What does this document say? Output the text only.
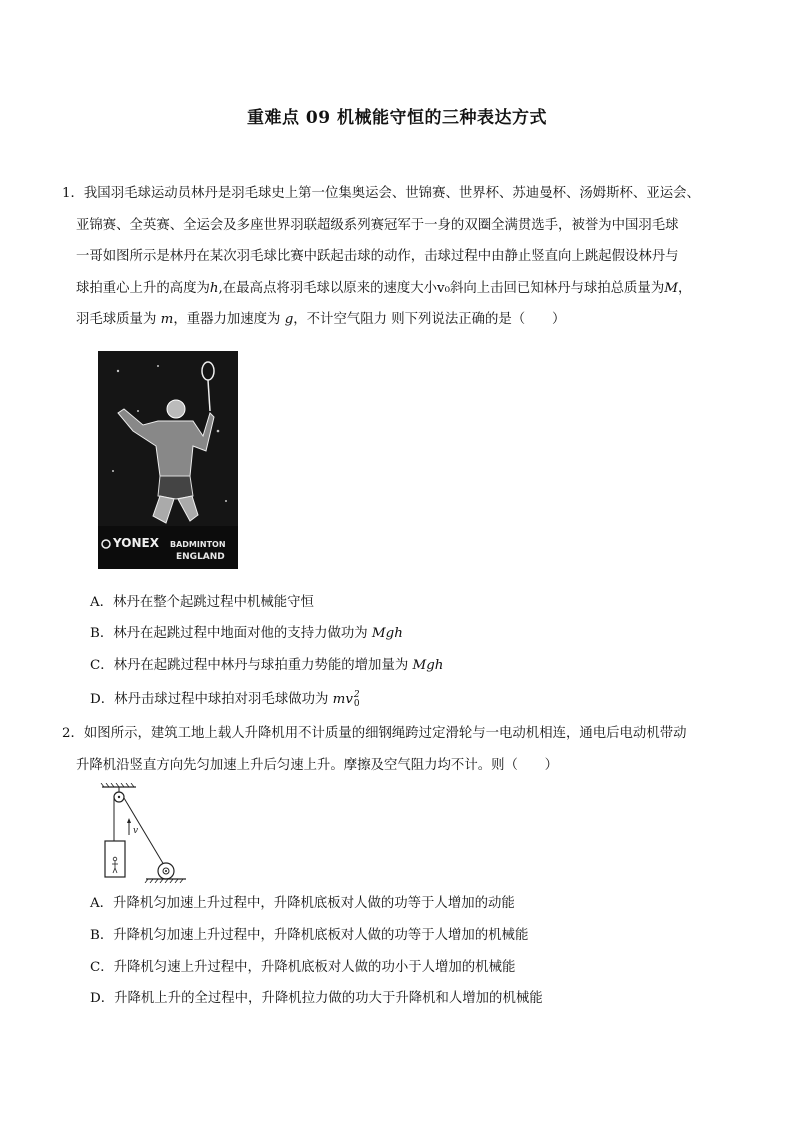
重难点 09 机械能守恒的三种表达方式
1．我国羽毛球运动员林丹是羽毛球史上第一位集奥运会、世锦赛、世界杯、苏迪曼杯、汤姆斯杯、亚运会、
亚锦赛、全英赛、全运会及多座世界羽联超级系列赛冠军于一身的双圈全满贯选手，被誉为中国羽毛球
一哥如图所示是林丹在某次羽毛球比赛中跃起击球的动作，击球过程中由静止竖直向上跳起假设林丹与
球拍重心上升的高度为h,在最高点将羽毛球以原来的速度大小v₀斜向上击回已知林丹与球拍总质量为M，
羽毛球质量为 m，重器力加速度为 g，不计空气阻力 则下列说法正确的是（　　）
YONEX BADMINTON
ENGLAND
A．林丹在整个起跳过程中机械能守恒
B．林丹在起跳过程中地面对他的支持力做功为 Mgh
C．林丹在起跳过程中林丹与球拍重力势能的增加量为 Mgh
D．林丹击球过程中球拍对羽毛球做功为 mv 2
0
2．如图所示，建筑工地上载人升降机用不计质量的细钢绳跨过定滑轮与一电动机相连，通电后电动机带动
升降机沿竖直方向先匀加速上升后匀速上升。摩擦及空气阻力均不计。则（　　）
v
A．升降机匀加速上升过程中，升降机底板对人做的功等于人增加的动能
B．升降机匀加速上升过程中，升降机底板对人做的功等于人增加的机械能
C．升降机匀速上升过程中，升降机底板对人做的功小于人增加的机械能
D．升降机上升的全过程中，升降机拉力做的功大于升降机和人增加的机械能
